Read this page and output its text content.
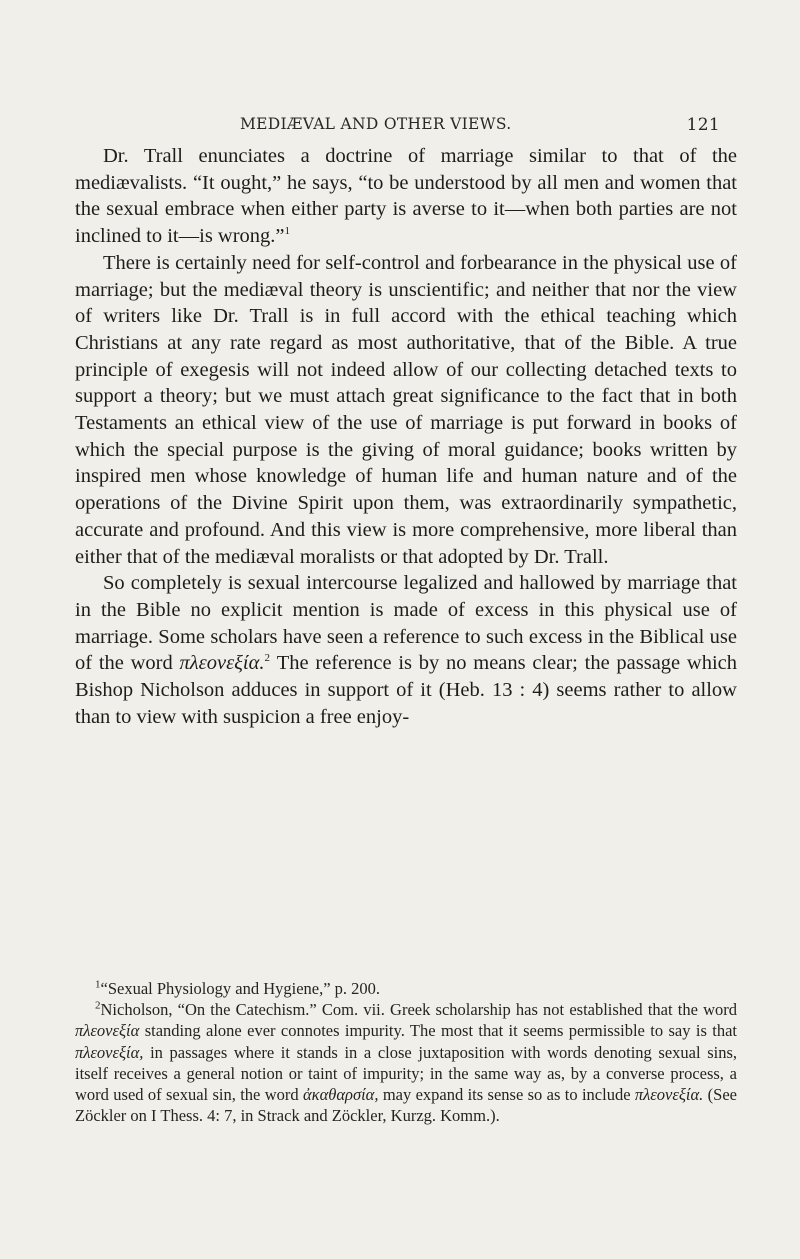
MEDIÆVAL AND OTHER VIEWS.	121

Dr. Trall enunciates a doctrine of marriage similar to that of the mediævalists. “It ought,” he says, “to be understood by all men and women that the sexual embrace when either party is averse to it—when both parties are not inclined to it—is wrong.”$^1$

There is certainly need for self-control and forbearance in the physical use of marriage; but the mediæval theory is unscientific; and neither that nor the view of writers like Dr. Trall is in full accord with the ethical teaching which Christians at any rate regard as most authoritative, that of the Bible. A true principle of exegesis will not indeed allow of our collecting detached texts to support a theory; but we must attach great significance to the fact that in both Testaments an ethical view of the use of marriage is put forward in books of which the special purpose is the giving of moral guidance; books written by inspired men whose knowledge of human life and human nature and of the operations of the Divine Spirit upon them, was extraordinarily sympathetic, accurate and profound. And this view is more comprehensive, more liberal than either that of the mediæval moralists or that adopted by Dr. Trall.

So completely is sexual intercourse legalized and hallowed by marriage that in the Bible no explicit mention is made of excess in this physical use of marriage. Some scholars have seen a reference to such excess in the Biblical use of the word πλεονεξία.$^2$ The reference is by no means clear; the passage which Bishop Nicholson adduces in support of it (Heb. 13 : 4) seems rather to allow than to view with suspicion a free enjoy-

$^1$“Sexual Physiology and Hygiene,” p. 200.

$^2$Nicholson, “On the Catechism.” Com. vii. Greek scholarship has not established that the word πλεονεξία standing alone ever connotes impurity. The most that it seems permissible to say is that πλεονεξία, in passages where it stands in a close juxtaposition with words denoting sexual sins, itself receives a general notion or taint of impurity; in the same way as, by a converse process, a word used of sexual sin, the word ἀκαθαρσία, may expand its sense so as to include πλεονεξία. (See Zöckler on I Thess. 4: 7, in Strack and Zöckler, Kurzg. Komm.).
